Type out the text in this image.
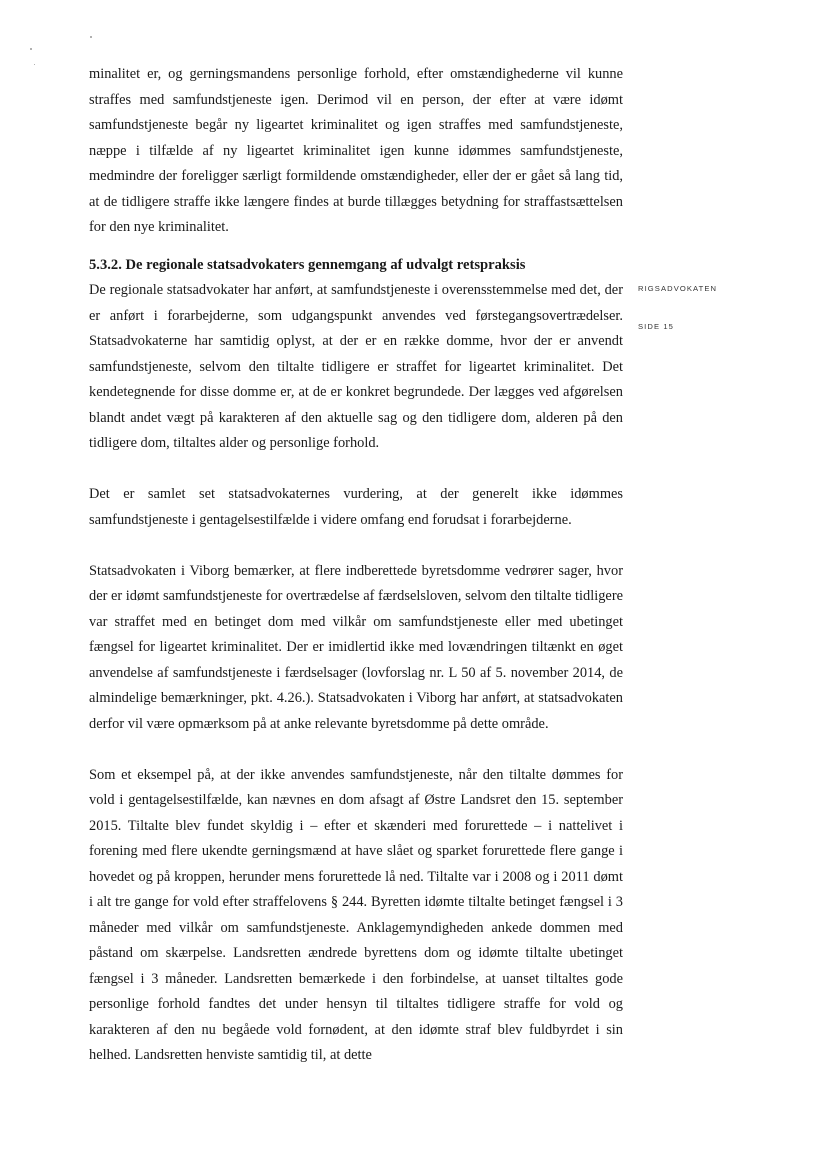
RIGSADVOKATEN
SIDE 15

minalitet er, og gerningsmandens personlige forhold, efter omstændighederne vil kunne straffes med samfundstjeneste igen. Derimod vil en person, der efter at være idømt samfundstjeneste begår ny ligeartet kriminalitet og igen straffes med samfundstjeneste, næppe i tilfælde af ny ligeartet kriminalitet igen kunne idømmes samfundstjeneste, medmindre der foreligger særligt formildende omstændigheder, eller der er gået så lang tid, at de tidligere straffe ikke længere findes at burde tillægges betydning for straffastsættelsen for den nye kriminalitet.

5.3.2. De regionale statsadvokaters gennemgang af udvalgt retspraksis

De regionale statsadvokater har anført, at samfundstjeneste i overensstemmelse med det, der er anført i forarbejderne, som udgangspunkt anvendes ved førstegangsovertrædelser. Statsadvokaterne har samtidig oplyst, at der er en række domme, hvor der er anvendt samfundstjeneste, selvom den tiltalte tidligere er straffet for ligeartet kriminalitet. Det kendetegnende for disse domme er, at de er konkret begrundede. Der lægges ved afgørelsen blandt andet vægt på karakteren af den aktuelle sag og den tidligere dom, alderen på den tidligere dom, tiltaltes alder og personlige forhold.

Det er samlet set statsadvokaternes vurdering, at der generelt ikke idømmes samfundstjeneste i gentagelsestilfælde i videre omfang end forudsat i forarbejderne.

Statsadvokaten i Viborg bemærker, at flere indberettede byretsdomme vedrører sager, hvor der er idømt samfundstjeneste for overtrædelse af færdselsloven, selvom den tiltalte tidligere var straffet med en betinget dom med vilkår om samfundstjeneste eller med ubetinget fængsel for ligeartet kriminalitet. Der er imidlertid ikke med lovændringen tiltænkt en øget anvendelse af samfundstjeneste i færdselsager (lovforslag nr. L 50 af 5. november 2014, de almindelige bemærkninger, pkt. 4.26.). Statsadvokaten i Viborg har anført, at statsadvokaten derfor vil være opmærksom på at anke relevante byretsdomme på dette område.

Som et eksempel på, at der ikke anvendes samfundstjeneste, når den tiltalte dømmes for vold i gentagelsestilfælde, kan nævnes en dom afsagt af Østre Landsret den 15. september 2015. Tiltalte blev fundet skyldig i – efter et skænderi med forurettede – i nattelivet i forening med flere ukendte gerningsmænd at have slået og sparket forurettede flere gange i hovedet og på kroppen, herunder mens forurettede lå ned. Tiltalte var i 2008 og i 2011 dømt i alt tre gange for vold efter straffelovens § 244. Byretten idømte tiltalte betinget fængsel i 3 måneder med vilkår om samfundstjeneste. Anklagemyndigheden ankede dommen med påstand om skærpelse. Landsretten ændrede byrettens dom og idømte tiltalte ubetinget fængsel i 3 måneder. Landsretten bemærkede i den forbindelse, at uanset tiltaltes gode personlige forhold fandtes det under hensyn til tiltaltes tidligere straffe for vold og karakteren af den nu begåede vold fornødent, at den idømte straf blev fuldbyrdet i sin helhed. Landsretten henviste samtidig til, at dette
